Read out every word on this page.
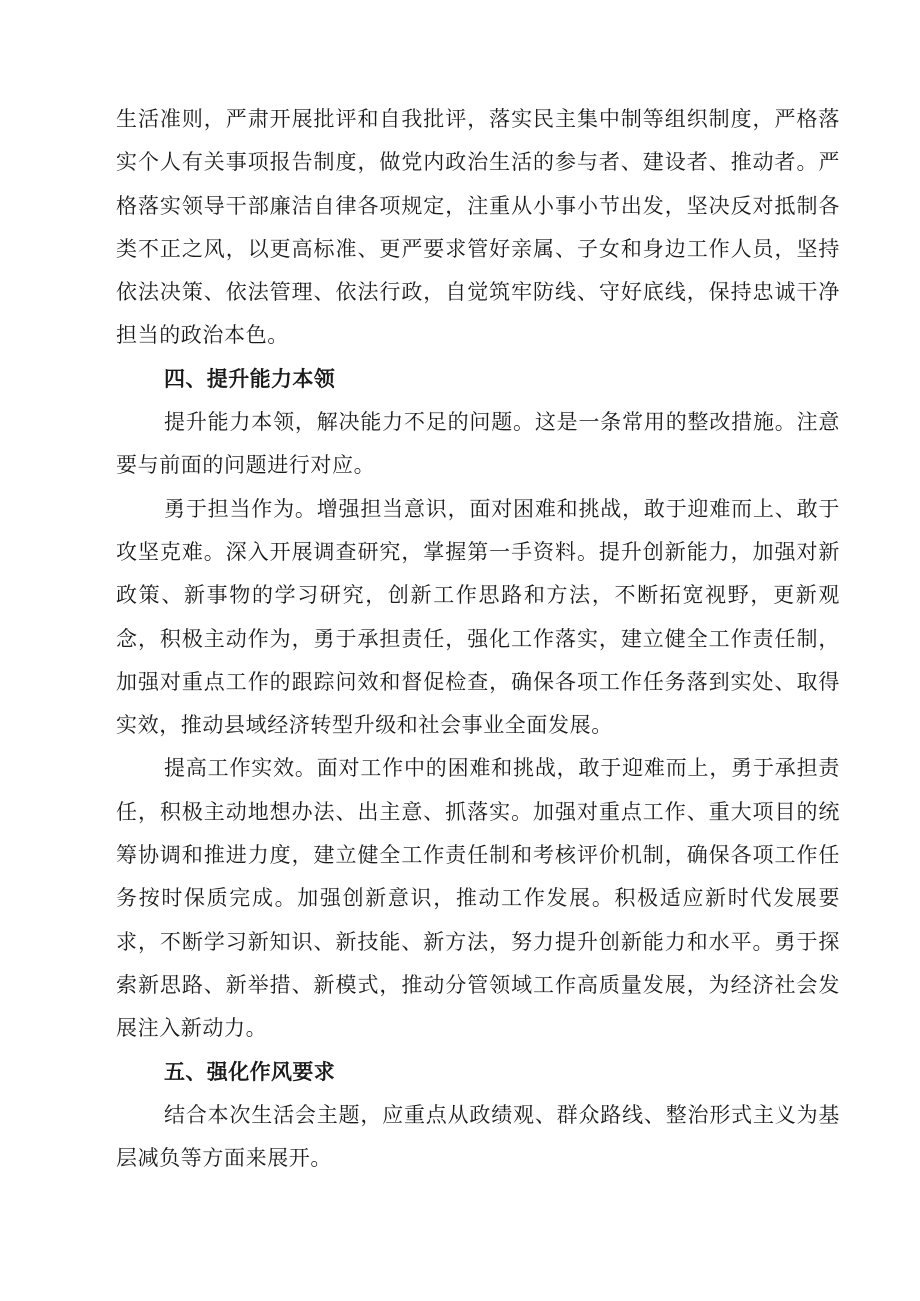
生活准则，严肃开展批评和自我批评，落实民主集中制等组织制度，严格落实个人有关事项报告制度，做党内政治生活的参与者、建设者、推动者。严格落实领导干部廉洁自律各项规定，注重从小事小节出发，坚决反对抵制各类不正之风，以更高标准、更严要求管好亲属、子女和身边工作人员，坚持依法决策、依法管理、依法行政，自觉筑牢防线、守好底线，保持忠诚干净担当的政治本色。

四、提升能力本领

提升能力本领，解决能力不足的问题。这是一条常用的整改措施。注意要与前面的问题进行对应。

勇于担当作为。增强担当意识，面对困难和挑战，敢于迎难而上、敢于攻坚克难。深入开展调查研究，掌握第一手资料。提升创新能力，加强对新政策、新事物的学习研究，创新工作思路和方法，不断拓宽视野，更新观念，积极主动作为，勇于承担责任，强化工作落实，建立健全工作责任制，加强对重点工作的跟踪问效和督促检查，确保各项工作任务落到实处、取得实效，推动县域经济转型升级和社会事业全面发展。

提高工作实效。面对工作中的困难和挑战，敢于迎难而上，勇于承担责任，积极主动地想办法、出主意、抓落实。加强对重点工作、重大项目的统筹协调和推进力度，建立健全工作责任制和考核评价机制，确保各项工作任务按时保质完成。加强创新意识，推动工作发展。积极适应新时代发展要求，不断学习新知识、新技能、新方法，努力提升创新能力和水平。勇于探索新思路、新举措、新模式，推动分管领域工作高质量发展，为经济社会发展注入新动力。

五、强化作风要求

结合本次生活会主题，应重点从政绩观、群众路线、整治形式主义为基层减负等方面来展开。
